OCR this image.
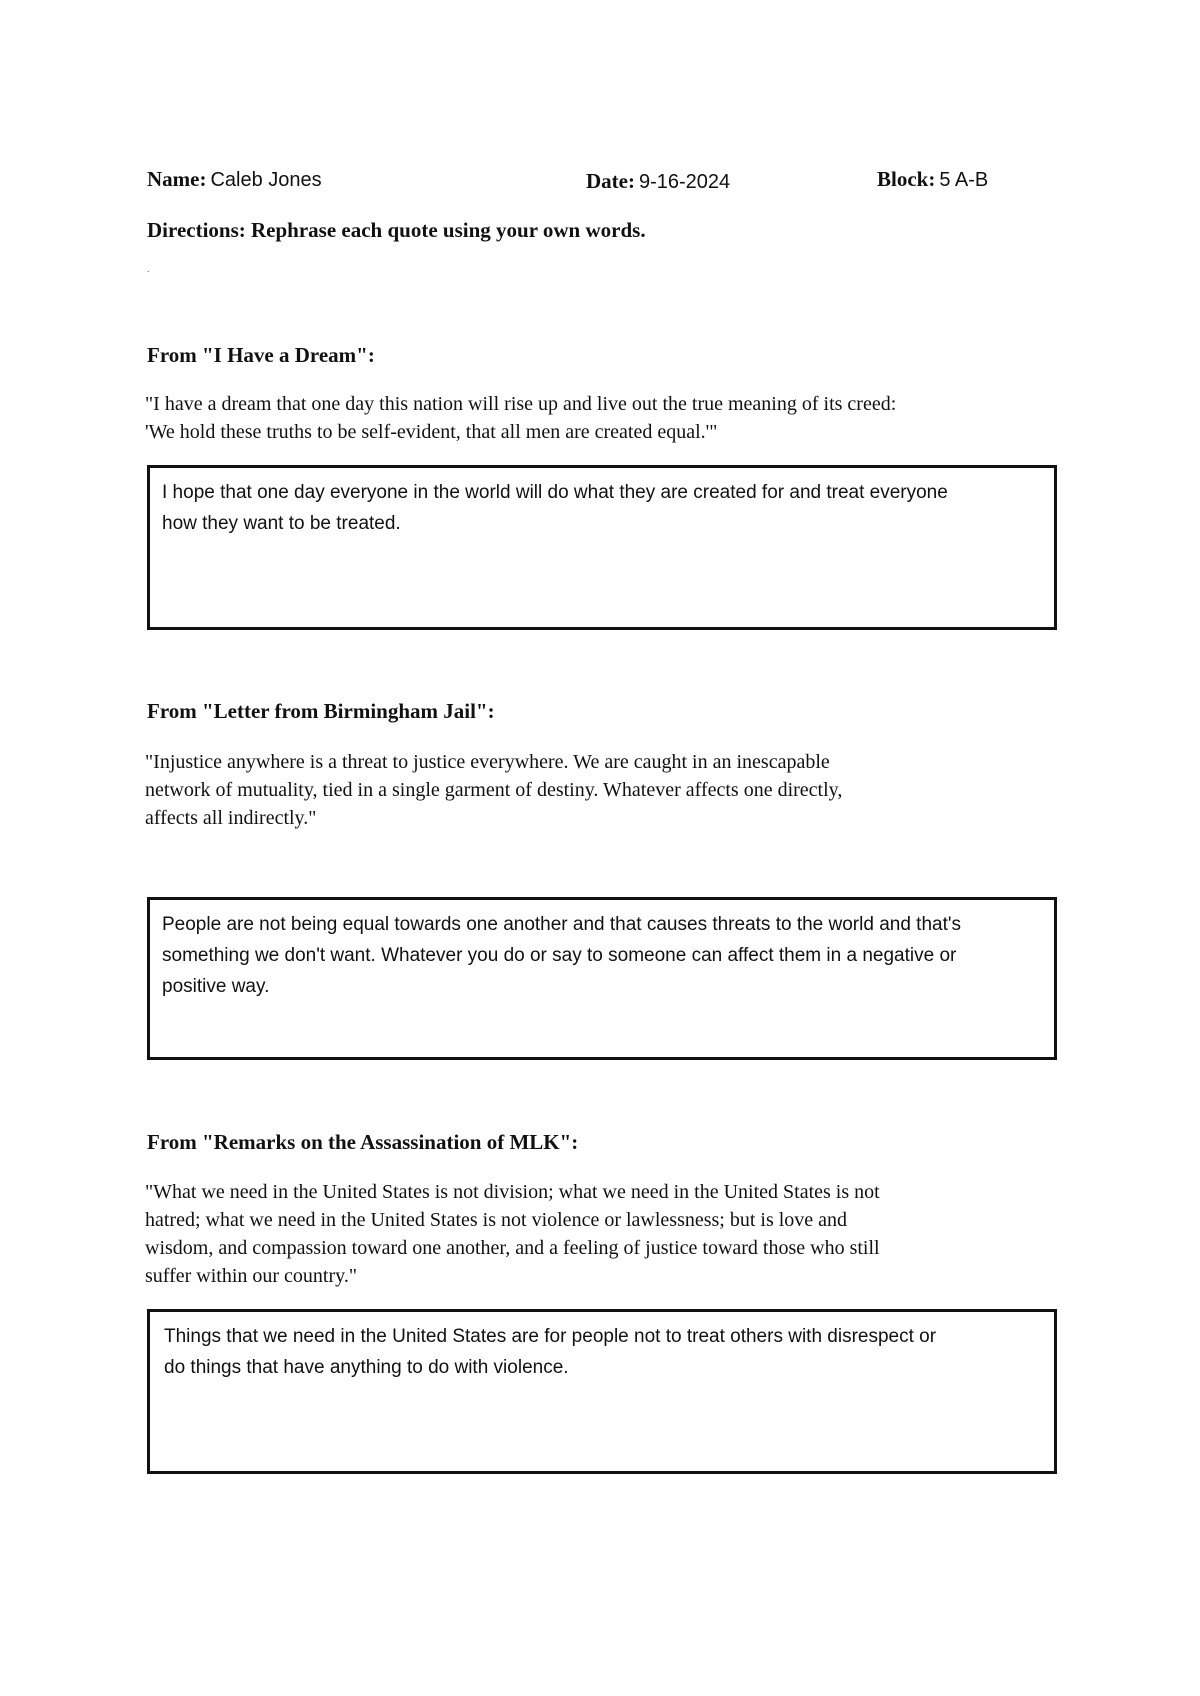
Name: Caleb Jones	Date: 9-16-2024	Block: 5 A-B
Directions: Rephrase each quote using your own words.
.
From "I Have a Dream":
"I have a dream that one day this nation will rise up and live out the true meaning of its creed:
'We hold these truths to be self-evident, that all men are created equal.'"
I hope that one day everyone in the world will do what they are created for and treat everyone
how they want to be treated.
From "Letter from Birmingham Jail":
"Injustice anywhere is a threat to justice everywhere. We are caught in an inescapable
network of mutuality, tied in a single garment of destiny. Whatever affects one directly,
affects all indirectly."
People are not being equal towards one another and that causes threats to the world and that's
something we don't want. Whatever you do or say to someone can affect them in a negative or
positive way.
From "Remarks on the Assassination of MLK":
"What we need in the United States is not division; what we need in the United States is not
hatred; what we need in the United States is not violence or lawlessness; but is love and
wisdom, and compassion toward one another, and a feeling of justice toward those who still
suffer within our country."
Things that we need in the United States are for people not to treat others with disrespect or
do things that have anything to do with violence.
